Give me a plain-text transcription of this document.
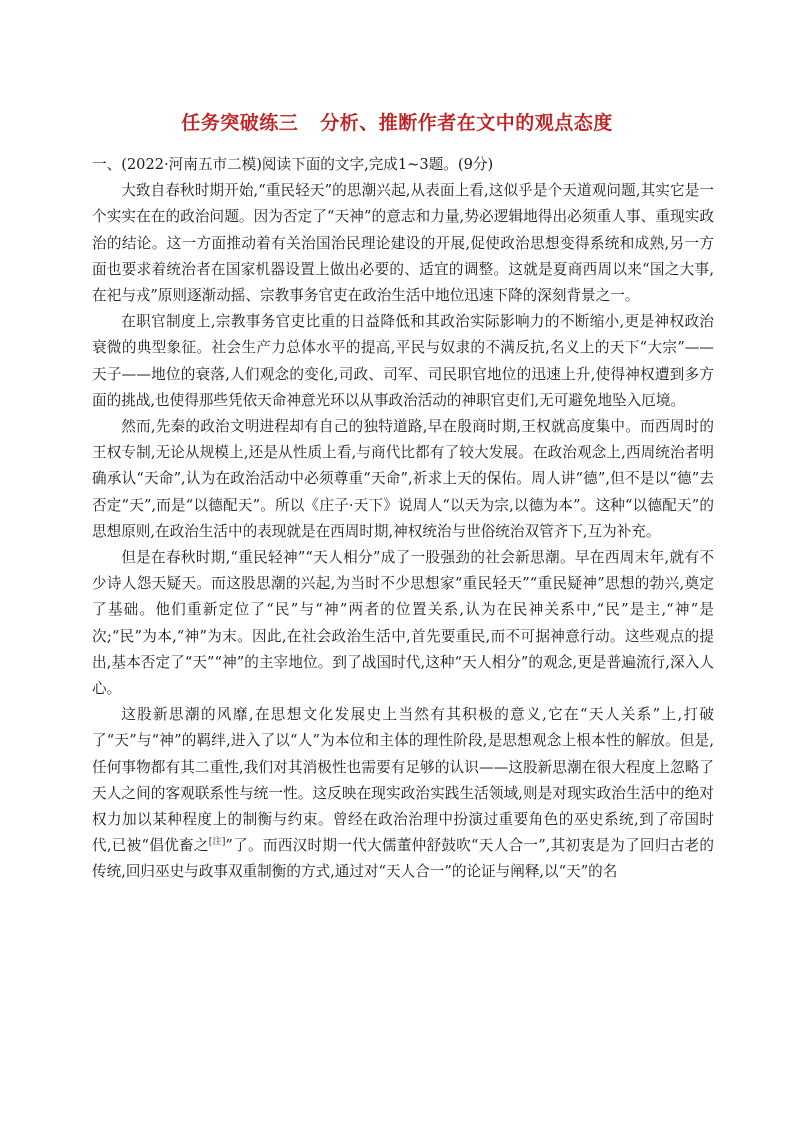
任务突破练三 分析、推断作者在文中的观点态度

一、(2022·河南五市二模)阅读下面的文字,完成1~3题。(9分)

大致自春秋时期开始,“重民轻天”的思潮兴起,从表面上看,这似乎是个天道观问题,其实它是一个实实在在的政治问题。因为否定了“天神”的意志和力量,势必逻辑地得出必须重人事、重现实政治的结论。这一方面推动着有关治国治民理论建设的开展,促使政治思想变得系统和成熟,另一方面也要求着统治者在国家机器设置上做出必要的、适宜的调整。这就是夏商西周以来“国之大事,在祀与戎”原则逐渐动摇、宗教事务官吏在政治生活中地位迅速下降的深刻背景之一。

在职官制度上,宗教事务官吏比重的日益降低和其政治实际影响力的不断缩小,更是神权政治衰微的典型象征。社会生产力总体水平的提高,平民与奴隶的不满反抗,名义上的天下“大宗”——天子——地位的衰落,人们观念的变化,司政、司军、司民职官地位的迅速上升,使得神权遭到多方面的挑战,也使得那些凭依天命神意光环以从事政治活动的神职官吏们,无可避免地坠入厄境。

然而,先秦的政治文明进程却有自己的独特道路,早在殷商时期,王权就高度集中。而西周时的王权专制,无论从规模上,还是从性质上看,与商代比都有了较大发展。在政治观念上,西周统治者明确承认“天命”,认为在政治活动中必须尊重“天命”,祈求上天的保佑。周人讲“德”,但不是以“德”去否定“天”,而是“以德配天”。所以《庄子·天下》说周人“以天为宗,以德为本”。这种“以德配天”的思想原则,在政治生活中的表现就是在西周时期,神权统治与世俗统治双管齐下,互为补充。

但是在春秋时期,“重民轻神”“天人相分”成了一股强劲的社会新思潮。早在西周末年,就有不少诗人怨天疑天。而这股思潮的兴起,为当时不少思想家“重民轻天”“重民疑神”思想的勃兴,奠定了基础。他们重新定位了“民”与“神”两者的位置关系,认为在民神关系中,“民”是主,“神”是次;“民”为本,“神”为末。因此,在社会政治生活中,首先要重民,而不可据神意行动。这些观点的提出,基本否定了“天”“神”的主宰地位。到了战国时代,这种“天人相分”的观念,更是普遍流行,深入人心。

这股新思潮的风靡,在思想文化发展史上当然有其积极的意义,它在“天人关系”上,打破了“天”与“神”的羁绊,进入了以“人”为本位和主体的理性阶段,是思想观念上根本性的解放。但是,任何事物都有其二重性,我们对其消极性也需要有足够的认识——这股新思潮在很大程度上忽略了天人之间的客观联系性与统一性。这反映在现实政治实践生活领域,则是对现实政治生活中的绝对权力加以某种程度上的制衡与约束。曾经在政治治理中扮演过重要角色的巫史系统,到了帝国时代,已被“倡优畜之[注]”了。而西汉时期一代大儒董仲舒鼓吹“天人合一”,其初衷是为了回归古老的传统,回归巫史与政事双重制衡的方式,通过对“天人合一”的论证与阐释,以“天”的名
